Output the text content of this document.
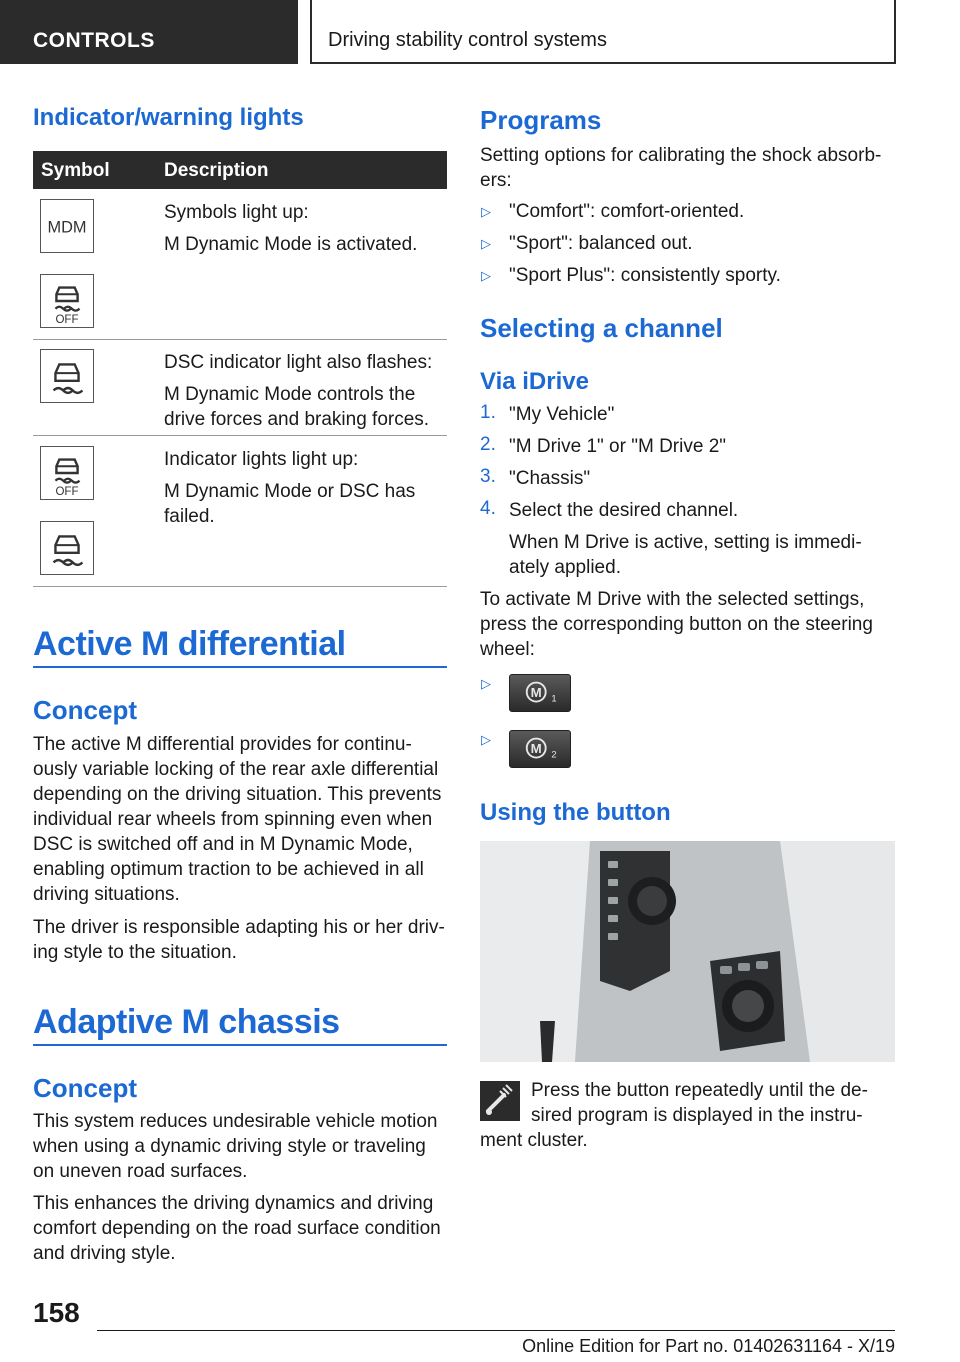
CONTROLS	Driving stability control systems
Indicator/warning lights
Symbol	Description
MDM
OFF
Symbols light up:
M Dynamic Mode is activated.
DSC indicator light also flashes:
M Dynamic Mode controls the
drive forces and braking forces.
OFF
Indicator lights light up:
M Dynamic Mode or DSC has
failed.
Active M differential
Concept
The active M differential provides for continu-
ously variable locking of the rear axle differential
depending on the driving situation. This prevents
individual rear wheels from spinning even when
DSC is switched off and in M Dynamic Mode,
enabling optimum traction to be achieved in all
driving situations.
The driver is responsible adapting his or her driv-
ing style to the situation.
Adaptive M chassis
Concept
This system reduces undesirable vehicle motion
when using a dynamic driving style or traveling
on uneven road surfaces.
This enhances the driving dynamics and driving
comfort depending on the road surface condition
and driving style.
Programs
Setting options for calibrating the shock absorb-
ers:
▷ "Comfort": comfort-oriented.
▷ "Sport": balanced out.
▷ "Sport Plus": consistently sporty.
Selecting a channel
Via iDrive
1. "My Vehicle"
2. "M Drive 1" or "M Drive 2"
3. "Chassis"
4. Select the desired channel.
When M Drive is active, setting is immedi-
ately applied.
To activate M Drive with the selected settings,
press the corresponding button on the steering
wheel:
▷
M 1
▷
M 2
Using the button
Press the button repeatedly until the de-
sired program is displayed in the instru-
ment cluster.
158
Online Edition for Part no. 01402631164 - X/19
